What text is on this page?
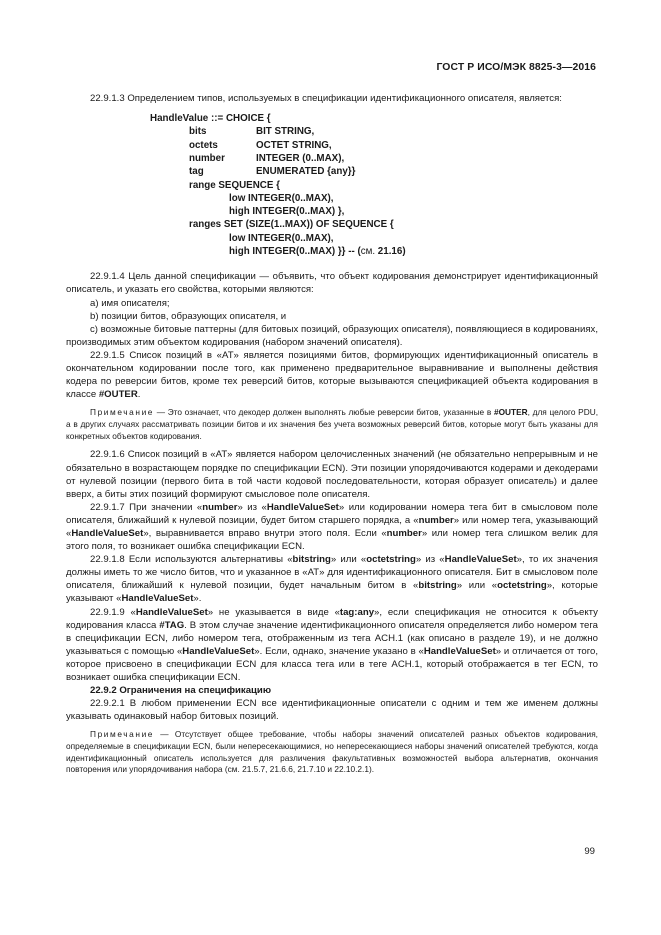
ГОСТ Р ИСО/МЭК 8825-3—2016

22.9.1.3 Определением типов, используемых в спецификации идентификационного описателя, является:

HandleValue ::= CHOICE {
bits	BIT STRING,
octets	OCTET STRING,
number	INTEGER (0..MAX),
tag	ENUMERATED {any}}
range SEQUENCE {
low INTEGER(0..MAX),
high INTEGER(0..MAX) },
ranges SET (SIZE(1..MAX)) OF SEQUENCE {
low INTEGER(0..MAX),
high INTEGER(0..MAX) }} -- (см. 21.16)

22.9.1.4 Цель данной спецификации — объявить, что объект кодирования демонстрирует идентификационный описатель, и указать его свойства, которыми являются:

a) имя описателя;

b) позиции битов, образующих описателя, и

c) возможные битовые паттерны (для битовых позиций, образующих описателя), появляющиеся в кодированиях, производимых этим объектом кодирования (набором значений описателя).

22.9.1.5 Список позиций в «AT» является позициями битов, формирующих идентификационный описатель в окончательном кодировании после того, как применено предварительное выравнивание и выполнены действия кодера по реверсии битов, кроме тех реверсий битов, которые вызываются спецификацией объекта кодирования в классе #OUTER.

Примечание — Это означает, что декодер должен выполнять любые реверсии битов, указанные в #OUTER, для целого PDU, а в других случаях рассматривать позиции битов и их значения без учета возможных реверсий битов, которые могут быть указаны для конкретных объектов кодирования.

22.9.1.6 Список позиций в «AT» является набором целочисленных значений (не обязательно непрерывным и не обязательно в возрастающем порядке по спецификации ECN). Эти позиции упорядочиваются кодерами и декодерами от нулевой позиции (первого бита в той части кодовой последовательности, которая образует описатель) и далее вверх, а биты этих позиций формируют смысловое поле описателя.

22.9.1.7 При значении «number» из «HandleValueSet» или кодировании номера тега бит в смысловом поле описателя, ближайший к нулевой позиции, будет битом старшего порядка, а «number» или номер тега, указывающий «HandleValueSet», выравнивается вправо внутри этого поля. Если «number» или номер тега слишком велик для этого поля, то возникает ошибка спецификации ECN.

22.9.1.8 Если используются альтернативы «bitstring» или «octetstring» из «HandleValueSet», то их значения должны иметь то же число битов, что и указанное в «AT» для идентификационного описателя. Бит в смысловом поле описателя, ближайший к нулевой позиции, будет начальным битом в «bitstring» или «octetstring», которые указывают «HandleValueSet».

22.9.1.9 «HandleValueSet» не указывается в виде «tag:any», если спецификация не относится к объекту кодирования класса #TAG. В этом случае значение идентификационного описателя определяется либо номером тега в спецификации ECN, либо номером тега, отображенным из тега ACH.1 (как описано в разделе 19), и не должно указываться с помощью «HandleValueSet». Если, однако, значение указано в «HandleValueSet» и отличается от того, которое присвоено в спецификации ECN для класса тега или в теге ACH.1, который отображается в тег ECN, то возникает ошибка спецификации ECN.

22.9.2 Ограничения на спецификацию

22.9.2.1 В любом применении ECN все идентификационные описатели с одним и тем же именем должны указывать одинаковый набор битовых позиций.

Примечание — Отсутствует общее требование, чтобы наборы значений описателей разных объектов кодирования, определяемые в спецификации ECN, были непересекающимися, но непересекающиеся наборы значений описателей требуются, когда идентификационный описатель используется для различения факультативных возможностей выбора альтернатив, окончания повторения или упорядочивания набора (см. 21.5.7, 21.6.6, 21.7.10 и 22.10.2.1).

99
